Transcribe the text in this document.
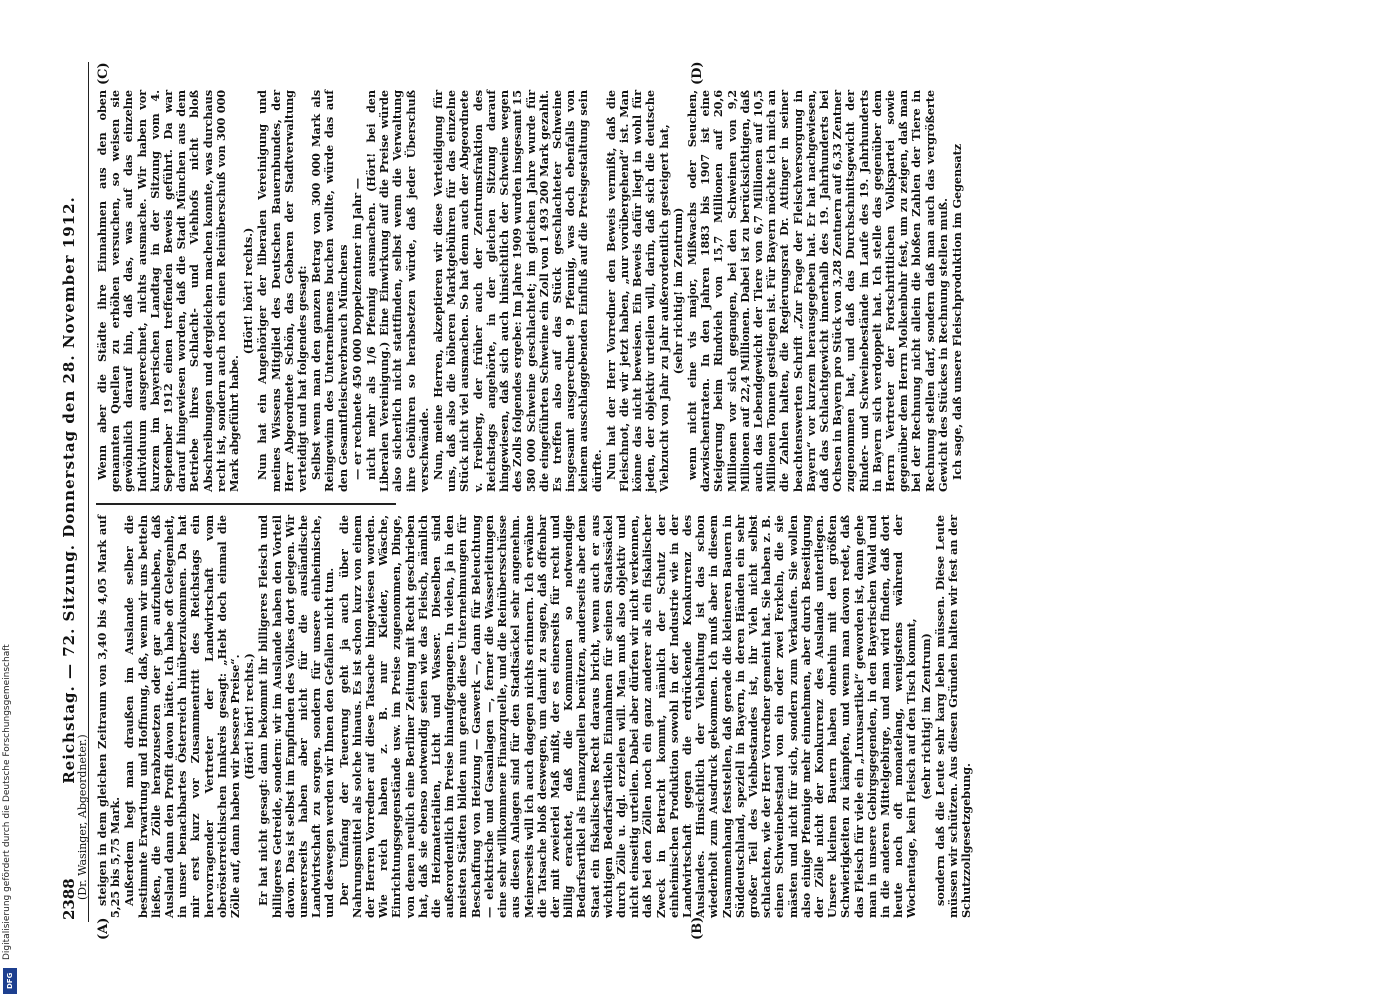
2388
Reichstag. — 72. Sitzung. Donnerstag den 28. November 1912.
(Dr. Wasinger, Abgeordneter.)
(A)	(B)
(C)	(D)

steigen in dem gleichen Zeitraum von 3,40 bis 4,05 Mark auf 5,25 bis 5,75 Mark. Außerdem hegt man draußen im Auslande selber die bestimmte Erwartung und Hoffnung, daß, wenn wir uns betteln ließen, die Zölle herabzusetzen oder gar aufzuheben, daß Ausland dann den Profit davon hätte. Ich habe oft Gelegenheit, in unser benachbartes Österreich hinüberzukommen. Da hat mir erst kurz vor Zusammentritt des Reichstags ein hervorragender Vertreter der Landwirtschaft vom oberösterreichischen Innkreis gesagt: „Hebt doch einmal die Zölle auf, dann haben wir bessere Preise“. (Hört! hört! rechts.) Er hat nicht gesagt: dann bekommt ihr billigeres Fleisch und billigeres Getreide, sondern: wir im Auslande haben den Vorteil davon. Das ist selbst im Empfinden des Volkes dort gelegen. Wir unsererseits haben aber nicht für die ausländische Landwirtschaft zu sorgen, sondern für unsere einheimische, und deswegen werden wir Ihnen den Gefallen nicht tun. Der Umfang der Teuerung geht ja auch über die Nahrungsmittel als solche hinaus. Es ist schon kurz von einem der Herren Vorredner auf diese Tatsache hingewiesen worden. Wie reich haben z. B. nur Kleider, Wäsche, Einrichtungsgegenstände usw. im Preise zugenommen, Dinge, von denen neulich eine Berliner Zeitung mit Recht geschrieben hat, daß sie ebenso notwendig seien wie das Fleisch, nämlich die Heizmaterialien, Licht und Wasser. Dieselben sind außerordentlich im Preise hinaufgegangen. In vielen, ja in den meisten Städten bilden nun gerade diese Unternehmungen für Beschaffung von Heizung — Gaswerk —, dann für Beleuchtung — elektrische und Gasanlagen —, ferner die Wasserleitungen eine sehr willkommene Finanzquelle, und die Reinübersschüsse aus diesen Anlagen sind für den Stadtsäckel sehr angenehm. Meinerseits will ich auch dagegen nichts erinnern. Ich erwähne die Tatsache bloß deswegen, um damit zu sagen, daß offenbar der mit zweierlei Maß mißt, der es einerseits für recht und billig erachtet, daß die Kommunen so notwendige Bedarfsartikel als Finanzquellen benützen, anderseits aber dem Staat ein fiskalisches Recht daraus bricht, wenn auch er aus wichtigen Bedarfsartikeln Einnahmen für seinen Staatssäckel durch Zölle u. dgl. erzielen will. Man muß also objektiv und nicht einseitig urteilen. Dabei aber dürfen wir nicht verkennen, daß bei den Zöllen noch ein ganz anderer als ein fiskalischer Zweck in Betracht kommt, nämlich der Schutz der einheimischen Produktion sowohl in der Industrie wie in der Landwirtschaft gegen die erdrückende Konkurrenz des Auslandes. Hinsichtlich der Viehhaltung ist das schon wiederholt zum Ausdruck gekommen. Ich muß aber in diesem Zusammenhang feststellen, daß gerade die kleineren Bauern in Süddeutschland, speziell in Bayern, in deren Händen ein sehr großer Teil des Viehbestandes ist, ihr Vieh nicht selbst schlachten, wie der Herr Vorredner gemeint hat. Sie haben z. B. einen Schweinebestand von ein oder zwei Ferkeln, die sie mästen und nicht für sich, sondern zum Verkaufen. Sie wollen also einige Pfennige mehr einnehmen, aber durch Beseitigung der Zölle nicht der Konkurrenz des Auslands unterliegen. Unsere kleinen Bauern haben ohnehin mit den größten Schwierigkeiten zu kämpfen, und wenn man davon redet, daß das Fleisch für viele ein „Luxusartikel“ geworden ist, dann gehe man in unsere Gebirgsgegenden, in den Bayerischen Wald und in die anderen Mittelgebirge, und man wird finden, daß dort heute noch oft monatelang, wenigstens während der Wochentage, kein Fleisch auf den Tisch kommt, (sehr richtig! im Zentrum) sondern daß die Leute sehr karg leben müssen. Diese Leute müssen wir schützen. Aus diesen Gründen halten wir fest an der Schutzzollgesetzgebung.

Wenn aber die Städte ihre Einnahmen aus den oben genannten Quellen zu erhöhen versuchen, so weisen sie gewöhnlich darauf hin, daß das, was auf das einzelne Individuum ausgerechnet, nichts ausmache. Wir haben vor kurzem im bayerischen Landtag in der Sitzung vom 4. September 1912 einen treffenden Beweis geführt. Da war darauf hingewiesen worden, daß die Stadt München aus dem Betriebe ihres Schlacht- und Viehhofs nicht bloß Abschreibungen und dergleichen machen konnte, was durchaus recht ist, sondern auch noch einen Reinüberschuß von 300 000 Mark abgeführt habe.

(Hört! hört! rechts.) Nun hat ein Angehöriger der liberalen Vereinigung und meines Wissens Mitglied des Deutschen Bauernbundes, der Herr Abgeordnete Schön, das Gebaren der Stadtverwaltung verteidigt und hat folgendes gesagt: Selbst wenn man den ganzen Betrag von 300 000 Mark als Reingewinn des Unternehmens buchen wollte, würde das auf den Gesamtfleischverbrauch Münchens — er rechnete 450 000 Doppelzentner im Jahr — nicht mehr als 1/6 Pfennig ausmachen. (Hört! bei den Liberalen Vereinigung.) Eine Einwirkung auf die Preise würde also sicherlich nicht stattfinden, selbst wenn die Verwaltung ihre Gebühren so herabsetzen würde, daß jeder Überschuß verschwände. Nun, meine Herren, akzeptieren wir diese Verteidigung für uns, daß also die höheren Marktgebühren für das einzelne Stück nicht viel ausmachen. So hat denn auch der Abgeordnete v. Freiberg, der früher auch der Zentrumsfraktion des Reichstags angehörte, in der gleichen Sitzung darauf hingewiesen, daß sich auch hinsichtlich der Schweine wegen des Zolls folgendes ergebe: Im Jahre 1909 wurden insgesamt 15 580 000 Schweine geschlachtet; im gleichen Jahre wurde für die eingeführten Schweine ein Zoll von 1 493 200 Mark gezahlt. Es treffen also auf das Stück geschlachteter Schweine insgesamt ausgerechnet 9 Pfennig, was doch ebenfalls von keinem ausschlaggebenden Einfluß auf die Preisgestaltung sein dürfte. Nun hat der Herr Vorredner den Beweis vermißt, daß die Fleischnot, die wir jetzt haben, „nur vorübergehend“ ist. Man könne das nicht beweisen. Ein Beweis dafür liegt in wohl für jeden, der objektiv urteilen will, darin, daß sich die deutsche Viehzucht von Jahr zu Jahr außerordentlich gesteigert hat, (sehr richtig! im Zentrum) wenn nicht eine vis major, Mißwachs oder Seuchen, dazwischentraten. In den Jahren 1883 bis 1907 ist eine Steigerung beim Rindvieh von 15,7 Millionen auf 20,6 Millionen vor sich gegangen, bei den Schweinen von 9,2 Millionen auf 22,4 Millionen. Dabei ist zu berücksichtigen, daß auch das Lebendgewicht der Tiere von 6,7 Millionen auf 10,5 Millionen Tonnen gestiegen ist. Für Bayern möchte ich mich an die Zahlen halten, die Regierungsrat Dr. Attinger in seiner beachtenswerten Schrift „Zur Frage der Fleischversorgung in Bayern“ vor kurzem herausgegeben hat. Er hat nachgewiesen, daß das Schlachtgewicht innerhalb des 19. Jahrhunderts bei Ochsen in Bayern pro Stück von 3,28 Zentnern auf 6,33 Zentner zugenommen hat, und daß das Durchschnittsgewicht der Rinder- und Schweinebestände im Laufe des 19. Jahrhunderts in Bayern sich verdoppelt hat. Ich stelle das gegenüber dem Herrn Vertreter der Fortschrittlichen Volkspartei sowie gegenüber dem Herrn Molkenbuhr fest, um zu zeigen, daß man bei der Rechnung nicht allein die bloßen Zahlen der Tiere in Rechnung stellen darf, sondern daß man auch das vergrößerte Gewicht des Stückes in Rechnung stellen muß. Ich sage, daß unsere Fleischproduktion im Gegensatz

Digitalisierung gefördert durch die Deutsche Forschungsgemeinschaft
DFG
